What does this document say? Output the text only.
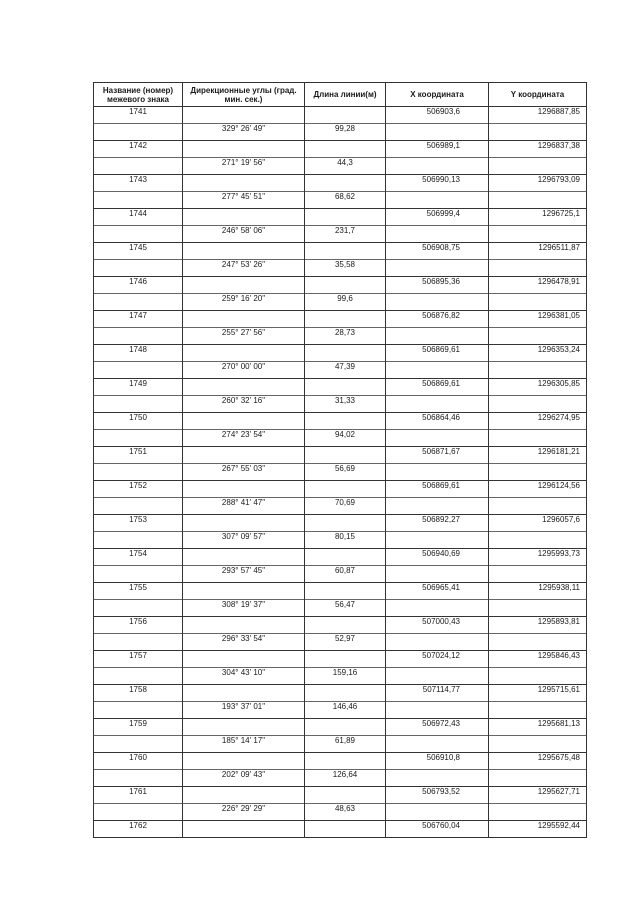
Название (номер) межевого знака	Дирекционные углы (град. мин. сек.)	Длина линии(м)	X координата	Y координата
1741			506903,6	1296887,85
	329° 26' 49"	99,28		
1742			506989,1	1296837,38
	271° 19' 56"	44,3		
1743			506990,13	1296793,09
	277° 45' 51"	68,62		
1744			506999,4	1296725,1
	246° 58' 06"	231,7		
1745			506908,75	1296511,87
	247° 53' 26"	35,58		
1746			506895,36	1296478,91
	259° 16' 20"	99,6		
1747			506876,82	1296381,05
	255° 27' 56"	28,73		
1748			506869,61	1296353,24
	270° 00' 00"	47,39		
1749			506869,61	1296305,85
	260° 32' 16"	31,33		
1750			506864,46	1296274,95
	274° 23' 54"	94,02		
1751			506871,67	1296181,21
	267° 55' 03"	56,69		
1752			506869,61	1296124,56
	288° 41' 47"	70,69		
1753			506892,27	1296057,6
	307° 09' 57"	80,15		
1754			506940,69	1295993,73
	293° 57' 45"	60,87		
1755			506965,41	1295938,11
	308° 19' 37"	56,47		
1756			507000,43	1295893,81
	296° 33' 54"	52,97		
1757			507024,12	1295846,43
	304° 43' 10"	159,16		
1758			507114,77	1295715,61
	193° 37' 01"	146,46		
1759			506972,43	1295681,13
	185° 14' 17"	61,89		
1760			506910,8	1295675,48
	202° 09' 43"	126,64		
1761			506793,52	1295627,71
	226° 29' 29"	48,63		
1762			506760,04	1295592,44
